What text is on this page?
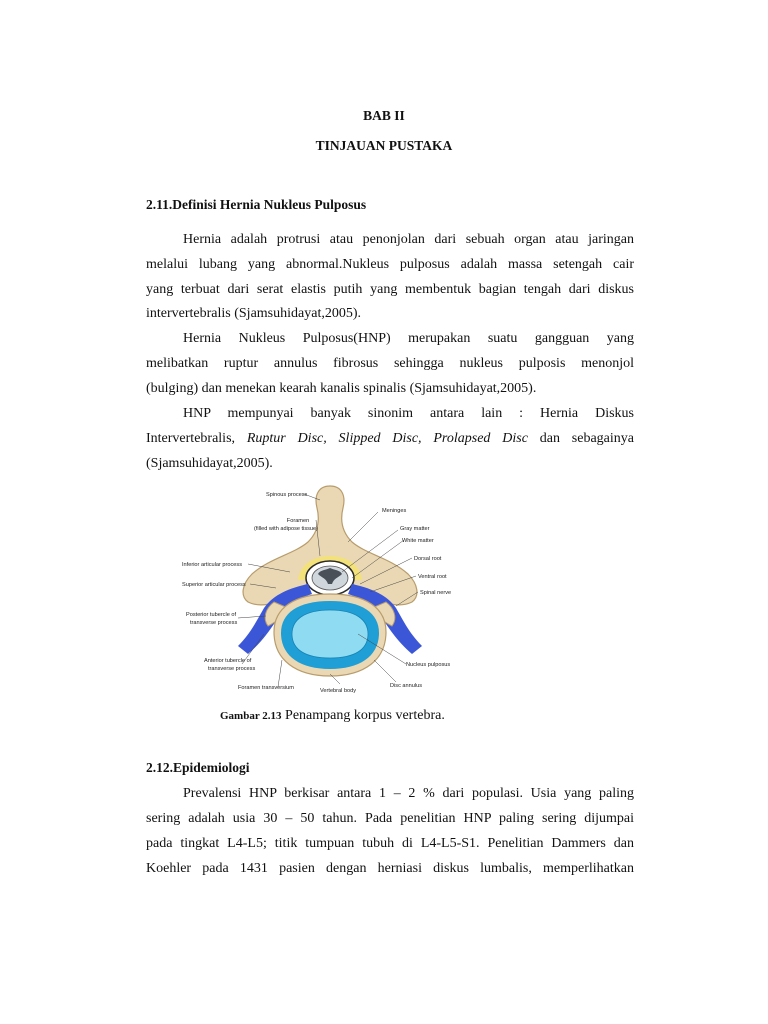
BAB II
TINJAUAN PUSTAKA
2.11.Definisi Hernia Nukleus Pulposus
Hernia adalah protrusi atau penonjolan dari sebuah organ atau jaringan
melalui lubang yang abnormal.Nukleus pulposus adalah massa setengah cair
yang terbuat dari serat elastis putih yang membentuk bagian tengah dari diskus
intervertebralis (Sjamsuhidayat,2005).
Hernia Nukleus Pulposus(HNP) merupakan suatu gangguan yang
melibatkan ruptur annulus fibrosus sehingga nukleus pulposis menonjol
(bulging) dan menekan kearah kanalis spinalis (Sjamsuhidayat,2005).
HNP mempunyai banyak sinonim antara lain : Hernia Diskus
Intervertebralis, Ruptur Disc, Slipped Disc, Prolapsed Disc dan sebagainya
(Sjamsuhidayat,2005).
Spinous process
Meninges
Foramen
(filled with adipose tissue)	Gray matter
White matter
Dorsal root
Inferior articular process
Ventral root
Superior articular process
Spinal nerve
Posterior tubercle of
transverse process
Anterior tubercle of
transverse process
Nucleus pulposus
Foramen transversium	Disc annulus
Vertebral body
Gambar 2.13 Penampang korpus vertebra.
2.12.Epidemiologi
Prevalensi HNP berkisar antara 1 – 2 % dari populasi. Usia yang paling
sering adalah usia 30 – 50 tahun. Pada penelitian HNP paling sering dijumpai
pada tingkat L4-L5; titik tumpuan tubuh di L4-L5-S1. Penelitian Dammers dan
Koehler pada 1431 pasien dengan herniasi diskus lumbalis, memperlihatkan
